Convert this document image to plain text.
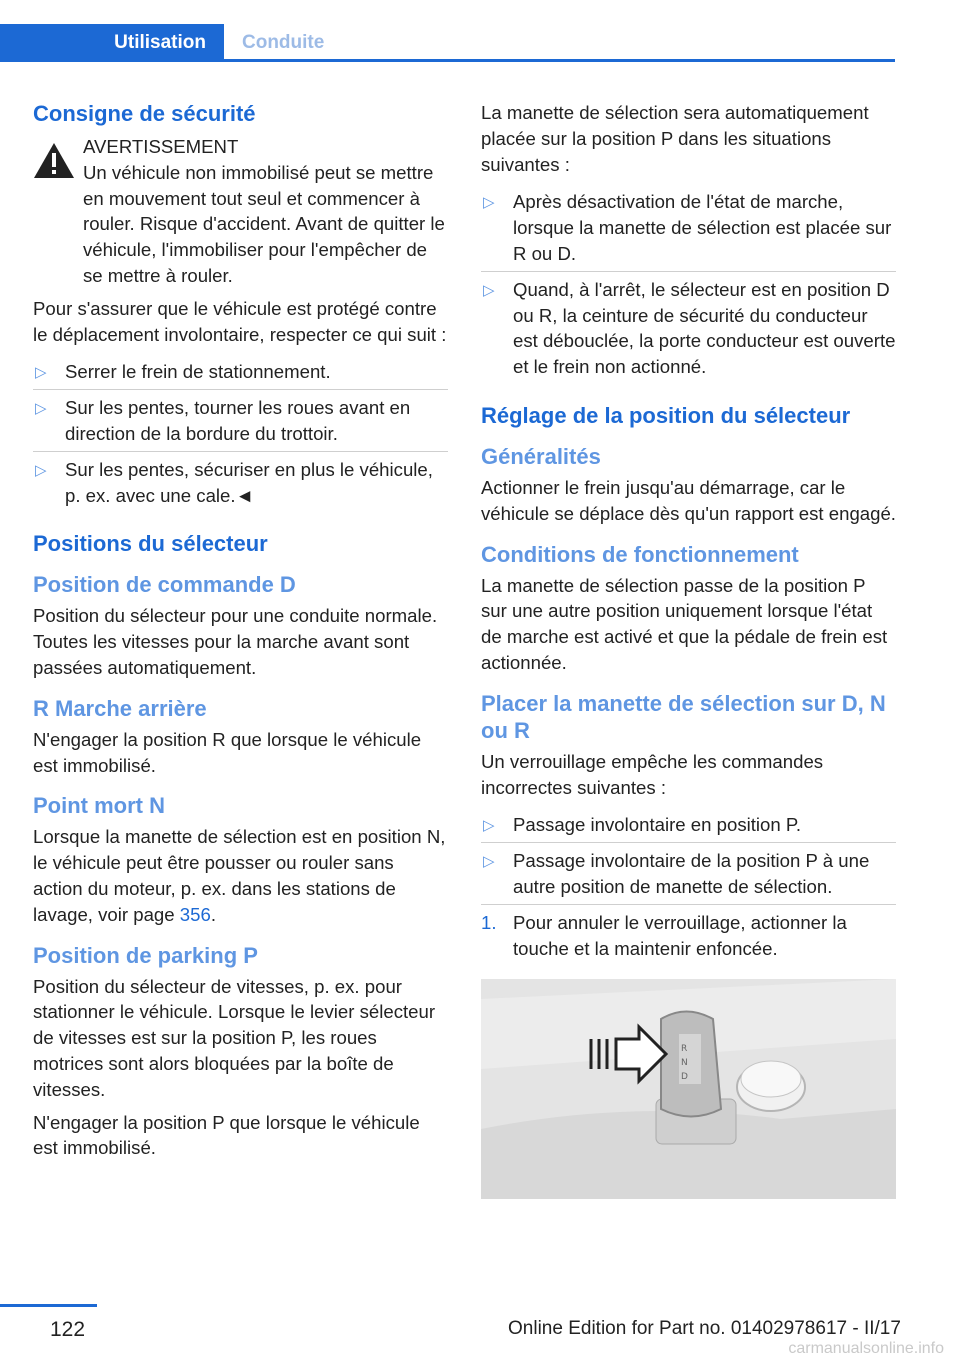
Utilisation Conduite
Consigne de sécurité

AVERTISSEMENT

Un véhicule non immobilisé peut se mettre en mouvement tout seul et commencer à rouler. Risque d'accident. Avant de quitter le véhicule, l'immobiliser pour l'empêcher de se mettre à rouler.

Pour s'assurer que le véhicule est protégé contre le déplacement involontaire, respecter ce qui suit :

▷ Serrer le frein de stationnement.
▷ Sur les pentes, tourner les roues avant en direction de la bordure du trottoir.
▷ Sur les pentes, sécuriser en plus le véhicule, p. ex. avec une cale.◄
Positions du sélecteur
Position de commande D

Position du sélecteur pour une conduite normale. Toutes les vitesses pour la marche avant sont passées automatiquement.

R Marche arrière

N'engager la position R que lorsque le véhicule est immobilisé.

Point mort N

Lorsque la manette de sélection est en position N, le véhicule peut être pousser ou rouler sans action du moteur, p. ex. dans les stations de lavage, voir page 356.

Position de parking P

Position du sélecteur de vitesses, p. ex. pour stationner le véhicule. Lorsque le levier sélecteur de vitesses est sur la position P, les roues motrices sont alors bloquées par la boîte de vitesses.

N'engager la position P que lorsque le véhicule est immobilisé.

La manette de sélection sera automatiquement placée sur la position P dans les situations suivantes :

▷ Après désactivation de l'état de marche, lorsque la manette de sélection est placée sur R ou D.
▷ Quand, à l'arrêt, le sélecteur est en position D ou R, la ceinture de sécurité du conducteur est débouclée, la porte conducteur est ouverte et le frein non actionné.
Réglage de la position du sélecteur
Généralités

Actionner le frein jusqu'au démarrage, car le véhicule se déplace dès qu'un rapport est engagé.

Conditions de fonctionnement

La manette de sélection passe de la position P sur une autre position uniquement lorsque l'état de marche est activé et que la pédale de frein est actionnée.

Placer la manette de sélection sur D, N ou R

Un verrouillage empêche les commandes incorrectes suivantes :

▷ Passage involontaire en position P.
▷ Passage involontaire de la position P à une autre position de manette de sélection.
1. Pour annuler le verrouillage, actionner la touche et la maintenir enfoncée.
R
N
D
122	Online Edition for Part no. 01402978617 - II/17
carmanualsonline.info
